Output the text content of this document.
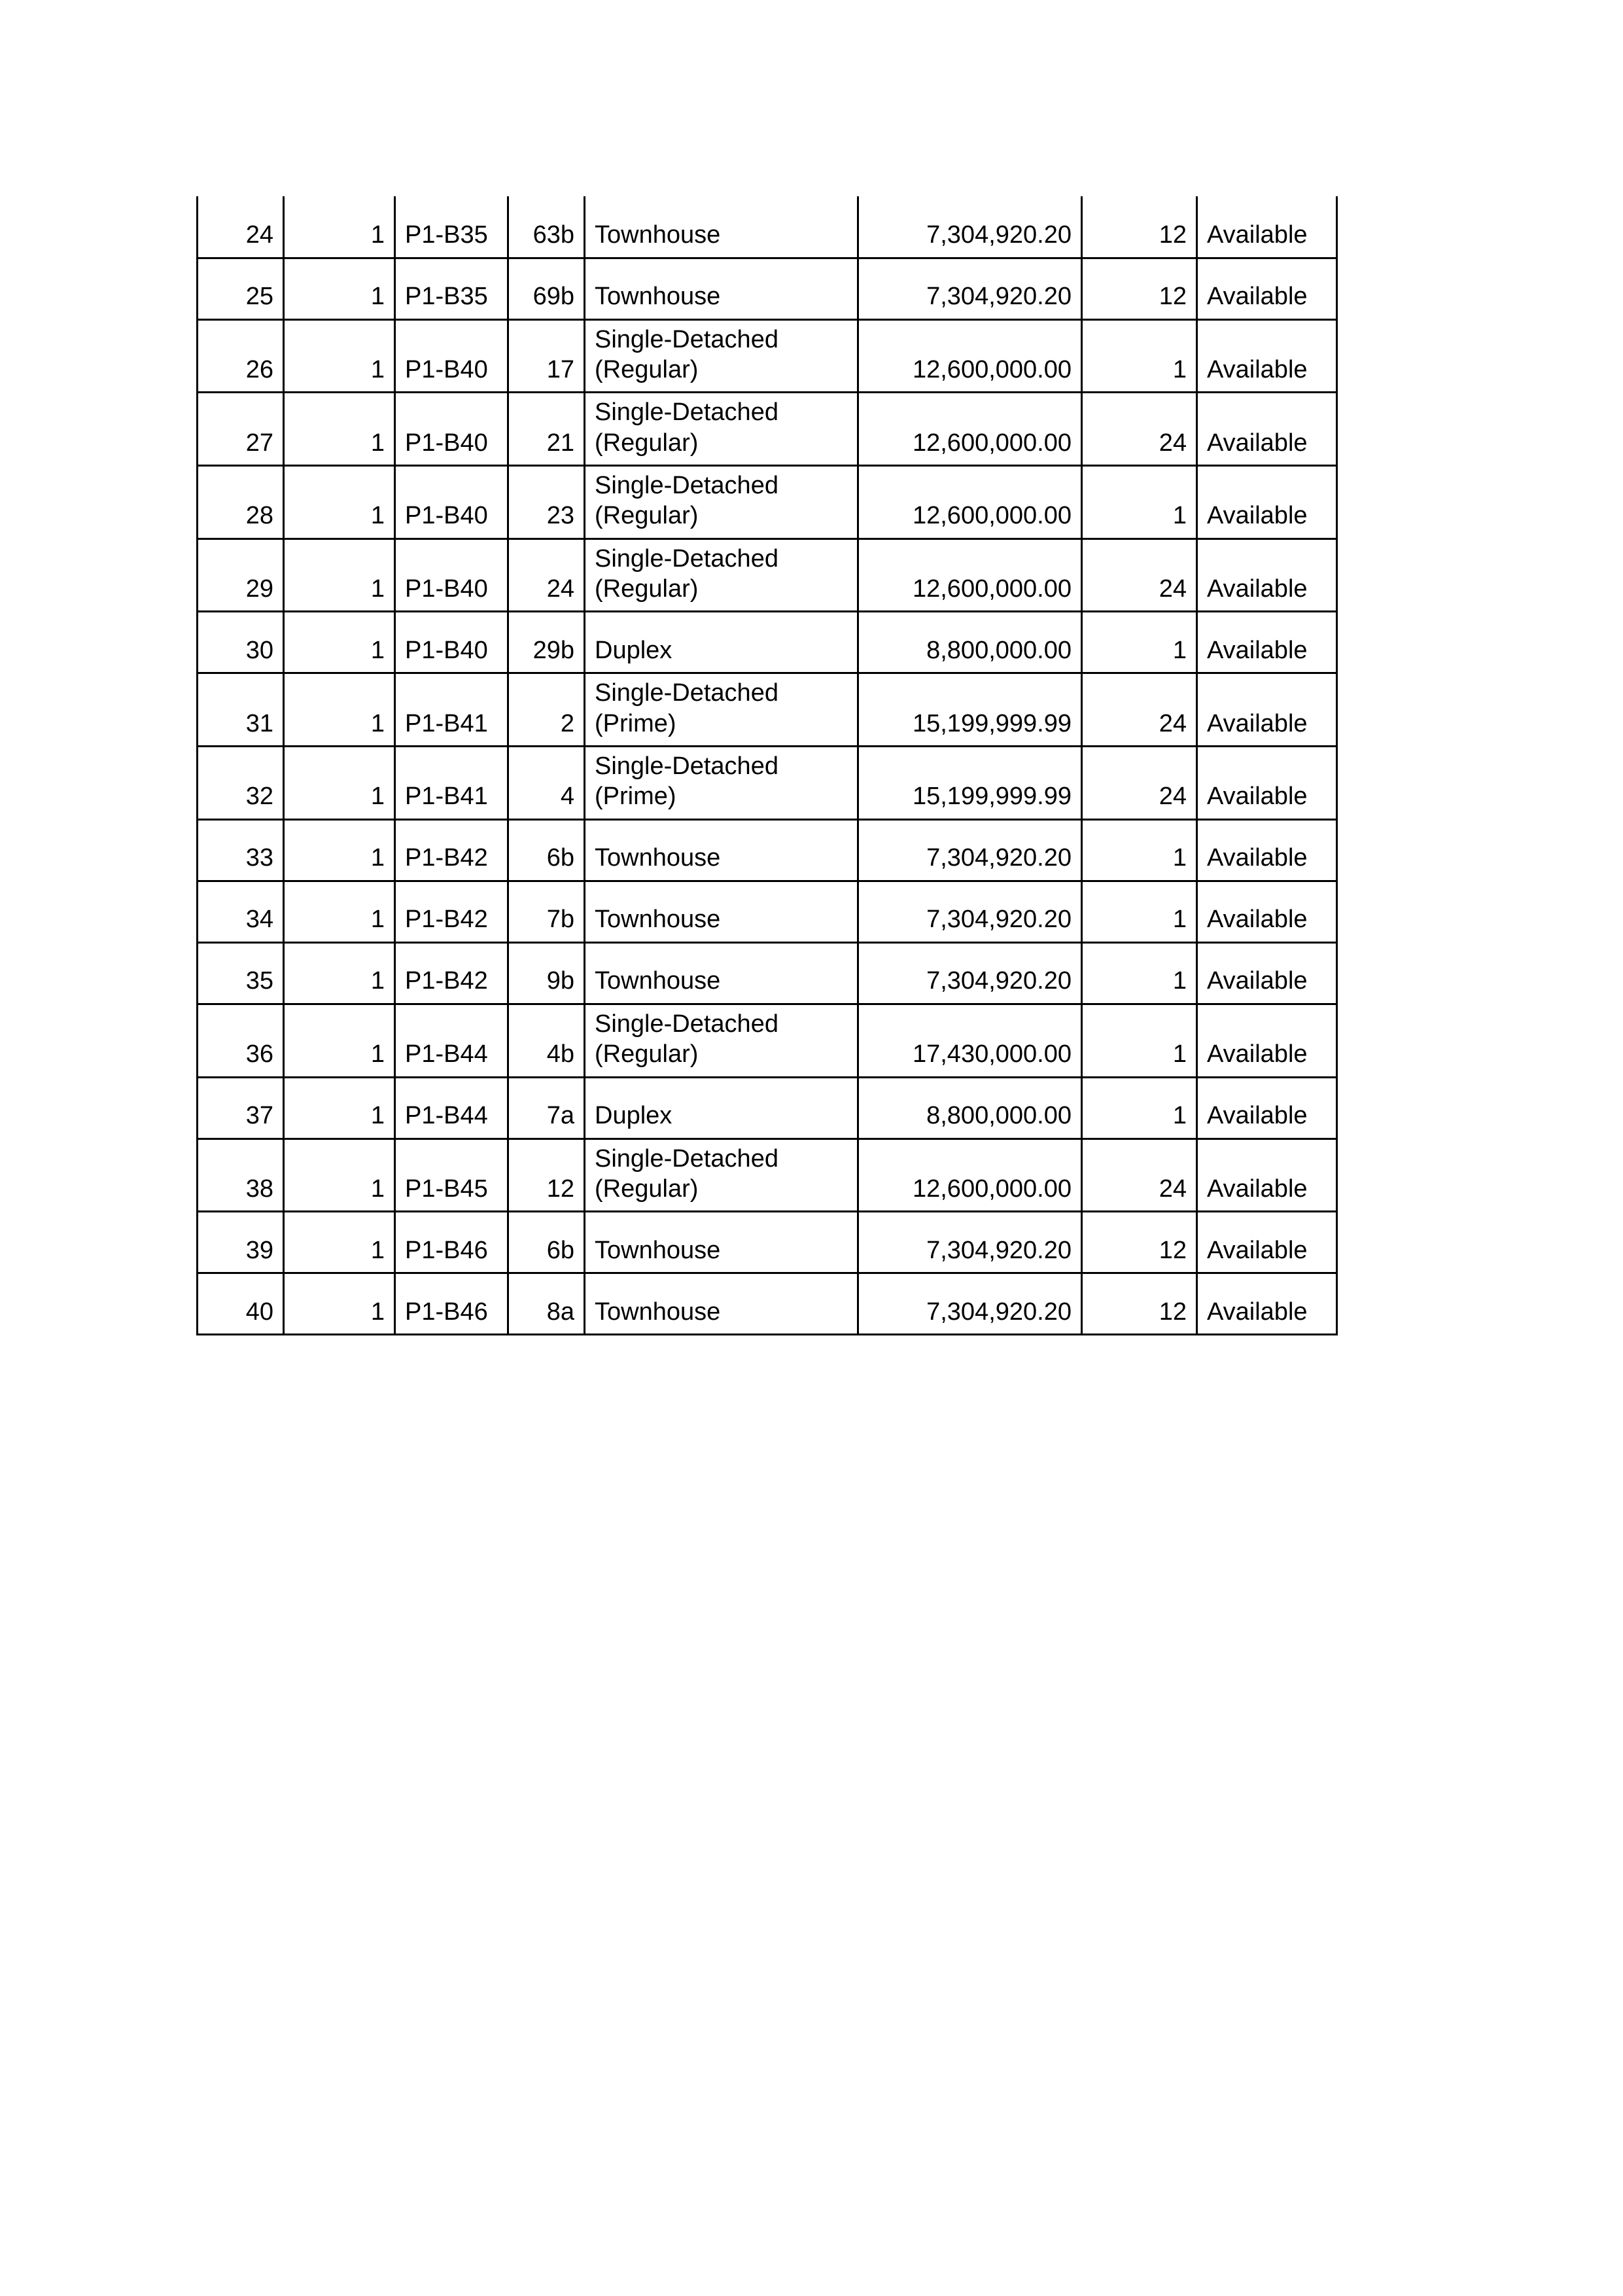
24	1	P1-B35	63b	Townhouse	7,304,920.20	12	Available
25	1	P1-B35	69b	Townhouse	7,304,920.20	12	Available
26	1	P1-B40	17	Single-Detached (Regular)	12,600,000.00	1	Available
27	1	P1-B40	21	Single-Detached (Regular)	12,600,000.00	24	Available
28	1	P1-B40	23	Single-Detached (Regular)	12,600,000.00	1	Available
29	1	P1-B40	24	Single-Detached (Regular)	12,600,000.00	24	Available
30	1	P1-B40	29b	Duplex	8,800,000.00	1	Available
31	1	P1-B41	2	Single-Detached (Prime)	15,199,999.99	24	Available
32	1	P1-B41	4	Single-Detached (Prime)	15,199,999.99	24	Available
33	1	P1-B42	6b	Townhouse	7,304,920.20	1	Available
34	1	P1-B42	7b	Townhouse	7,304,920.20	1	Available
35	1	P1-B42	9b	Townhouse	7,304,920.20	1	Available
36	1	P1-B44	4b	Single-Detached (Regular)	17,430,000.00	1	Available
37	1	P1-B44	7a	Duplex	8,800,000.00	1	Available
38	1	P1-B45	12	Single-Detached (Regular)	12,600,000.00	24	Available
39	1	P1-B46	6b	Townhouse	7,304,920.20	12	Available
40	1	P1-B46	8a	Townhouse	7,304,920.20	12	Available
